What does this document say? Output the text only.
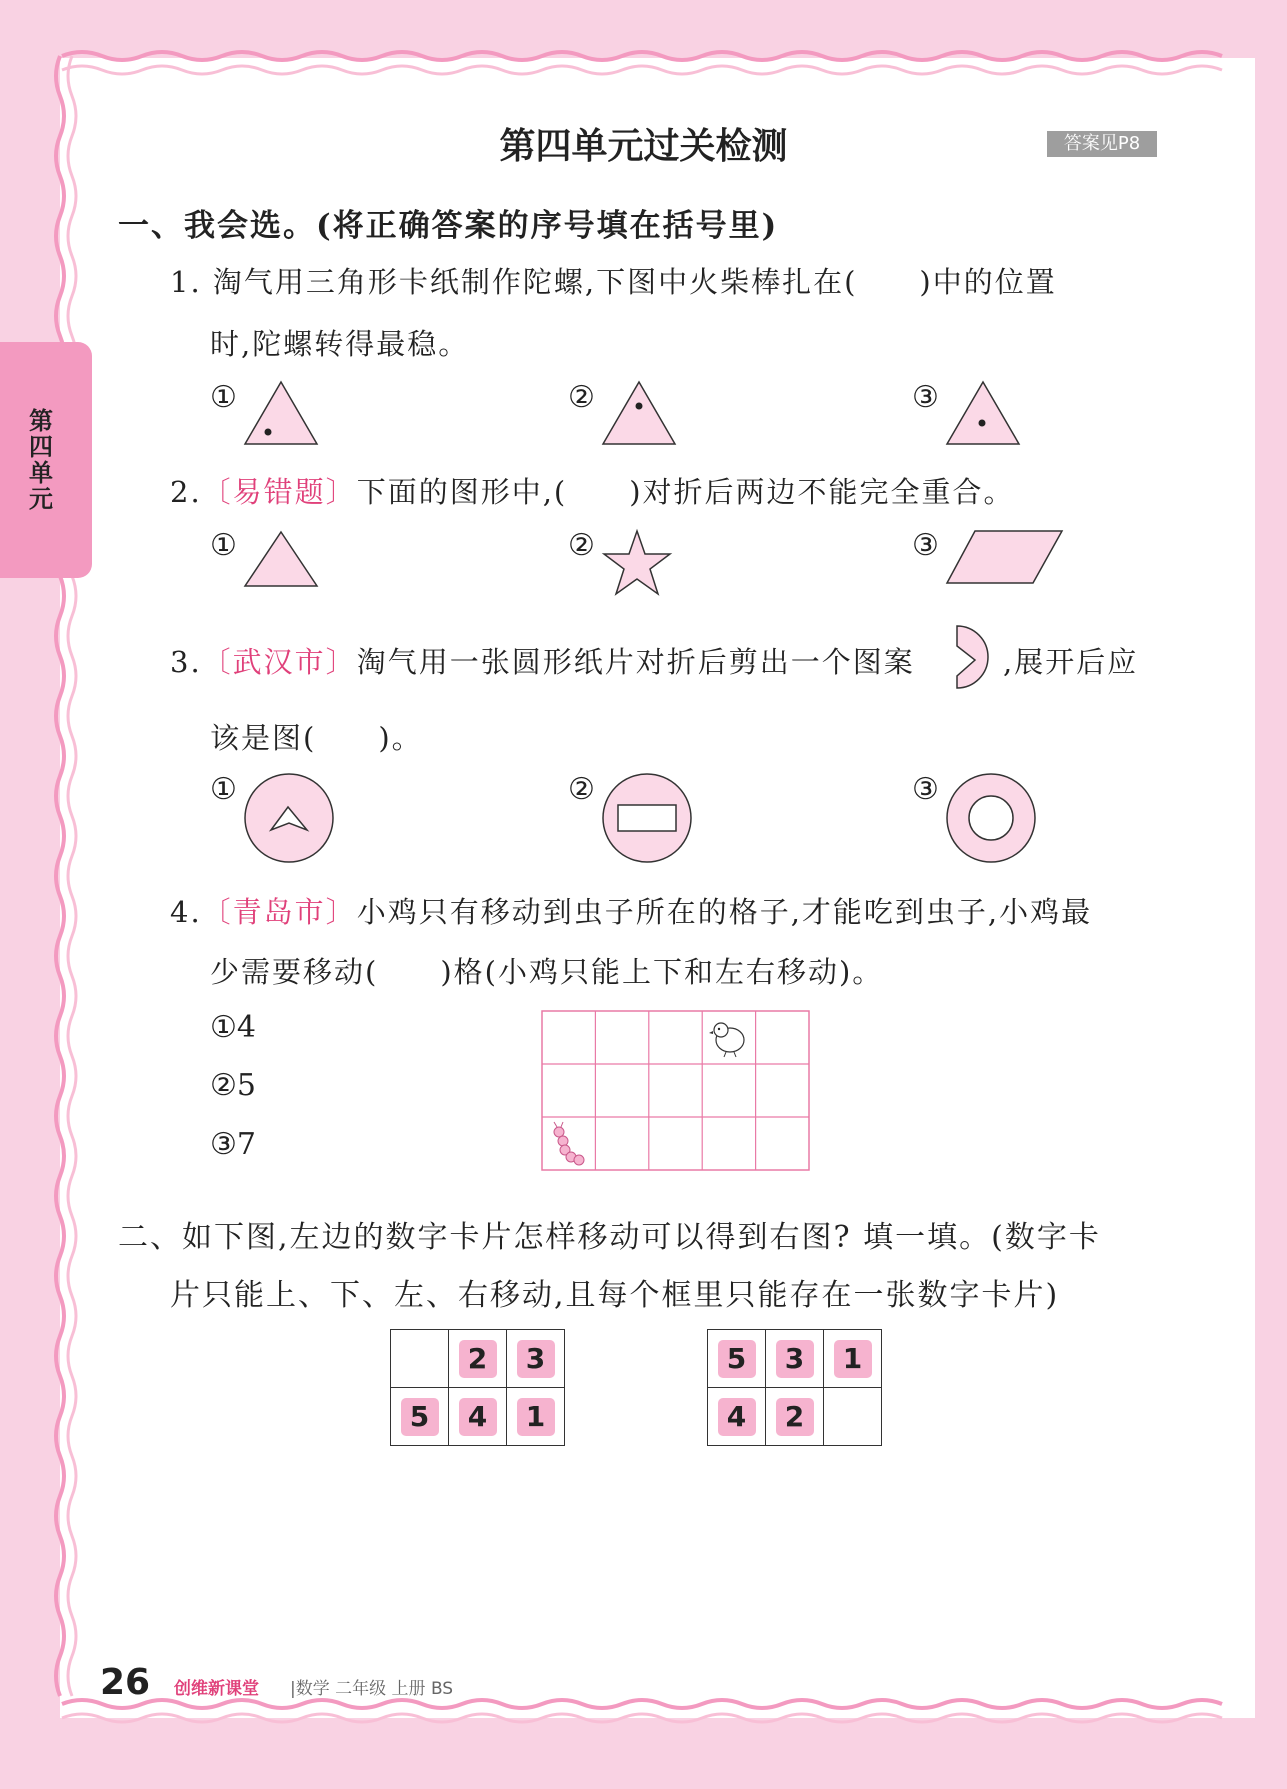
第四单元
第四单元过关检测	答案见P8
一、我会选。(将正确答案的序号填在括号里)
1. 淘气用三角形卡纸制作陀螺,下图中火柴棒扎在(　　)中的位置
时,陀螺转得最稳。
①	②	③
2.〔易错题〕下面的图形中,(　　)对折后两边不能完全重合。
①	②	③
3.〔武汉市〕淘气用一张圆形纸片对折后剪出一个图案	,展开后应
该是图(　　)。
①	②	③
4.〔青岛市〕小鸡只有移动到虫子所在的格子,才能吃到虫子,小鸡最
少需要移动(　　)格(小鸡只能上下和左右移动)。
①4
②5
③7
二、如下图,左边的数字卡片怎样移动可以得到右图? 填一填。(数字卡
片只能上、下、左、右移动,且每个框里只能存在一张数字卡片)
	2	3
5	4	1
5	3	1
4	2	
26 创维新课堂 |数学 二年级 上册 BS
